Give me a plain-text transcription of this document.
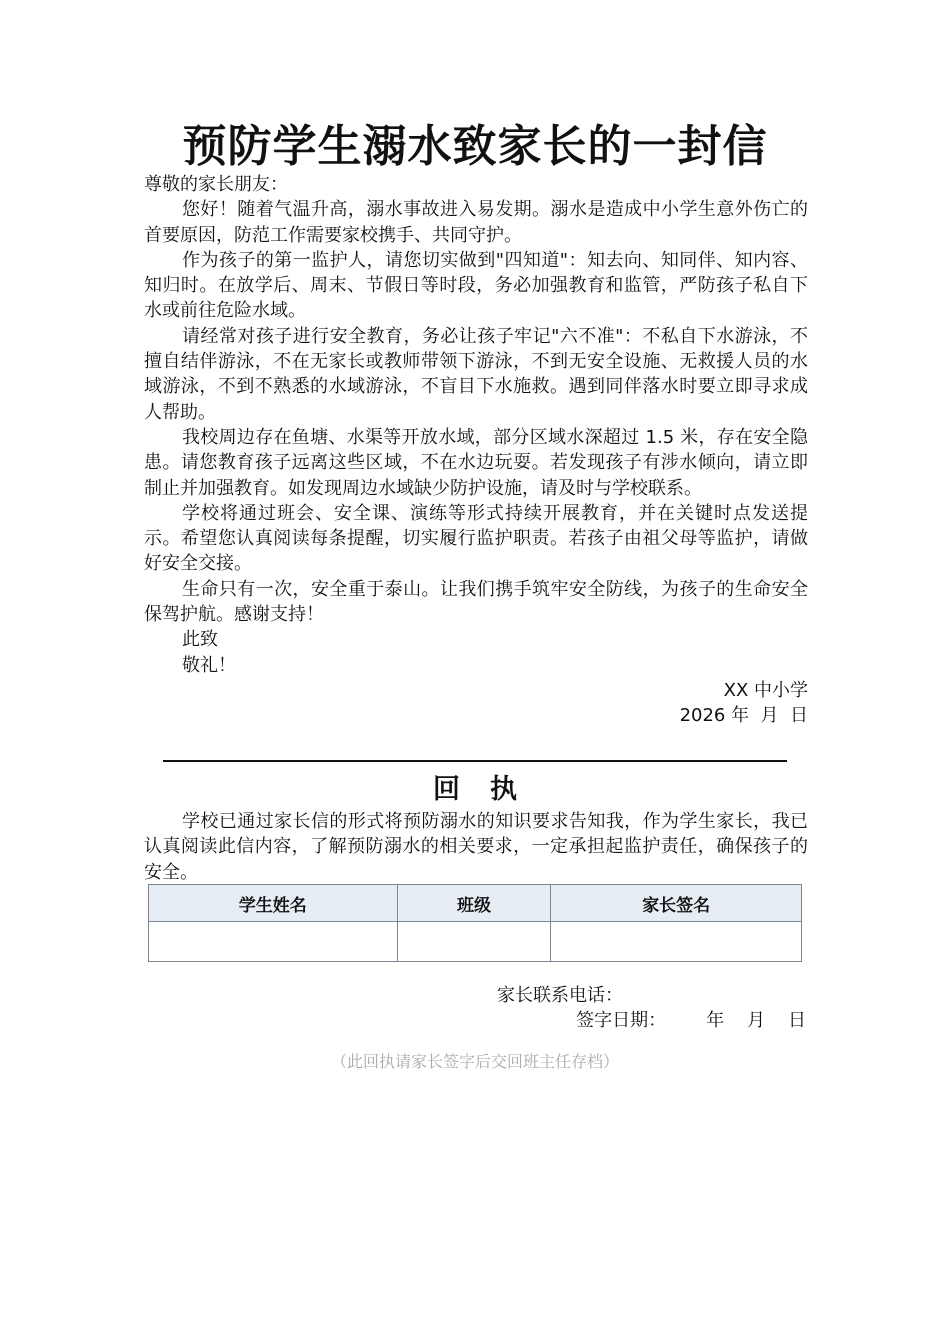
预防学生溺水致家长的一封信

尊敬的家长朋友：

您好！随着气温升高，溺水事故进入易发期。溺水是造成中小学生意外伤亡的首要原因，防范工作需要家校携手、共同守护。

作为孩子的第一监护人，请您切实做到"四知道"：知去向、知同伴、知内容、知归时。在放学后、周末、节假日等时段，务必加强教育和监管，严防孩子私自下水或前往危险水域。

请经常对孩子进行安全教育，务必让孩子牢记"六不准"：不私自下水游泳，不擅自结伴游泳，不在无家长或教师带领下游泳，不到无安全设施、无救援人员的水域游泳，不到不熟悉的水域游泳，不盲目下水施救。遇到同伴落水时要立即寻求成人帮助。

我校周边存在鱼塘、水渠等开放水域，部分区域水深超过 1.5 米，存在安全隐患。请您教育孩子远离这些区域，不在水边玩耍。若发现孩子有涉水倾向，请立即制止并加强教育。如发现周边水域缺少防护设施，请及时与学校联系。

学校将通过班会、安全课、演练等形式持续开展教育，并在关键时点发送提示。希望您认真阅读每条提醒，切实履行监护职责。若孩子由祖父母等监护，请做好安全交接。

生命只有一次，安全重于泰山。让我们携手筑牢安全防线，为孩子的生命安全保驾护航。感谢支持！

此致

敬礼！

XX 中小学

2026 年  月  日

回执

学校已通过家长信的形式将预防溺水的知识要求告知我，作为学生家长，我已认真阅读此信内容，了解预防溺水的相关要求，一定承担起监护责任，确保孩子的安全。

学生姓名	班级	家长签名

家长联系电话：
签字日期： 年    月    日
（此回执请家长签字后交回班主任存档）
